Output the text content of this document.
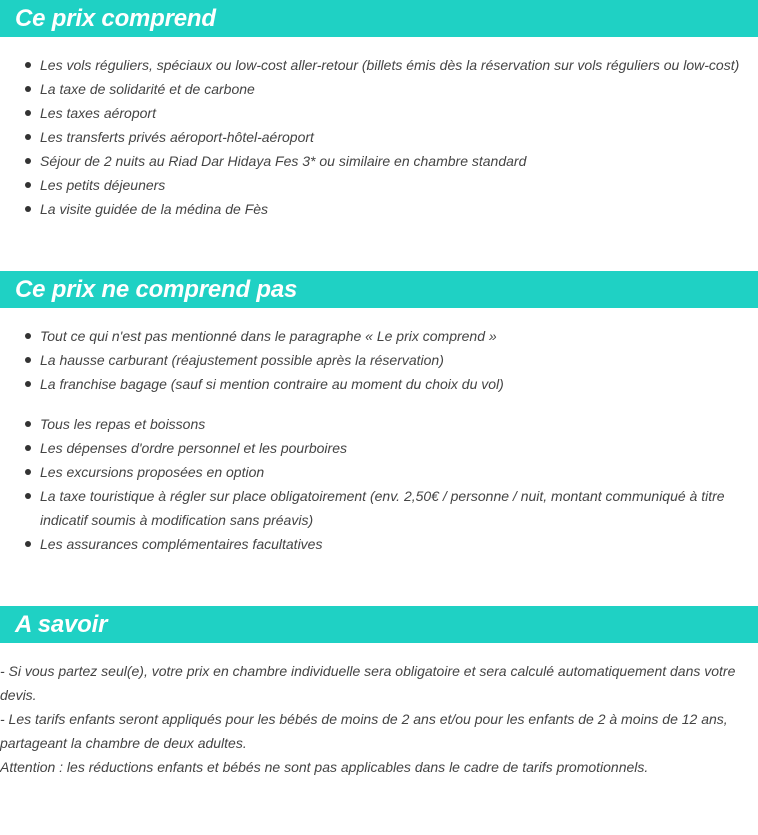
Ce prix comprend
Les vols réguliers, spéciaux ou low-cost aller-retour (billets émis dès la réservation sur vols réguliers ou low-cost)
La taxe de solidarité et de carbone
Les taxes aéroport
Les transferts privés aéroport-hôtel-aéroport
Séjour de 2 nuits au Riad Dar Hidaya Fes 3* ou similaire en chambre standard
Les petits déjeuners
La visite guidée de la médina de Fès
Ce prix ne comprend pas
Tout ce qui n'est pas mentionné dans le paragraphe « Le prix comprend »
La hausse carburant (réajustement possible après la réservation)
La franchise bagage (sauf si mention contraire au moment du choix du vol)
Tous les repas et boissons
Les dépenses d'ordre personnel et les pourboires
Les excursions proposées en option
La taxe touristique à régler sur place obligatoirement (env. 2,50€ / personne / nuit, montant communiqué à titre indicatif soumis à modification sans préavis)
Les assurances complémentaires facultatives
A savoir

- Si vous partez seul(e), votre prix en chambre individuelle sera obligatoire et sera calculé automatiquement dans votre devis.

- Les tarifs enfants seront appliqués pour les bébés de moins de 2 ans et/ou pour les enfants de 2 à moins de 12 ans, partageant la chambre de deux adultes.

Attention : les réductions enfants et bébés ne sont pas applicables dans le cadre de tarifs promotionnels.
